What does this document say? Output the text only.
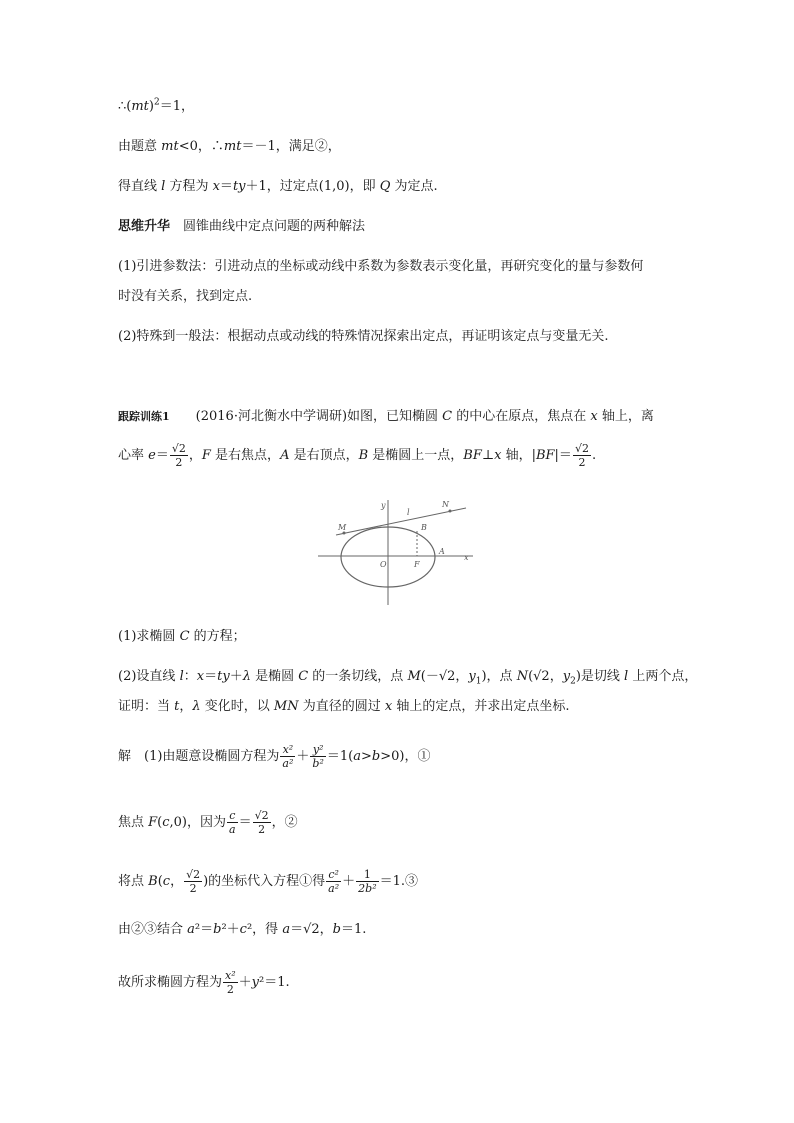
∴(mt)$^2$＝1，
由题意 mt<0，∴mt＝－1，满足②，
得直线 l 方程为 x＝ty＋1，过定点(1,0)，即 Q 为定点.
思维升华　 圆锥曲线中定点问题的两种解法
(1)引进参数法：引进动点的坐标或动线中系数为参数表示变化量，再研究变化的量与参数何
时没有关系，找到定点.
(2)特殊到一般法：根据动点或动线的特殊情况探索出定点，再证明该定点与变量无关.
跟踪训练1　　 (2016·河北衡水中学调研)如图，已知椭圆 C 的中心在原点，焦点在 x 轴上，离
心率 $e= \frac{√2}{2}$ ，F 是右焦点，A 是右顶点，B 是椭圆上一点，BF⊥x 轴，$|BF|= \frac{√2}{2}$ .
M
N
l
B
y
O	F
A
x
(1)求椭圆 C 的方程；
(2)设直线 l：x＝ty＋λ 是椭圆 C 的一条切线，点 M(－√2，$y_1$)，点 N(√2，$y_2$)是切线 l 上两个点，
证明：当 t，λ 变化时，以 MN 为直径的圆过 x 轴上的定点，并求出定点坐标.
解　(1)由题意设椭圆方程为 $\frac{\text{x²}}{\text{a²}} + \frac{\text{y²}}{\text{b²}} =1(a>b>0)$，①
焦点 F(c,0)，因为 $\frac{c}{a} = \frac{√2}{2}$ ，②
将点 B(c， $\frac{√2}{2}$ )的坐标代入方程①得 $\frac{\text{c²}}{\text{a²}} + \frac{1}{\text{2b²}}$ ＝1.③
由②③结合 a²＝b²＋c²，得 a＝√2，b＝1.
故所求椭圆方程为 $\frac{\text{x²}}{2} +y^2=1$.
